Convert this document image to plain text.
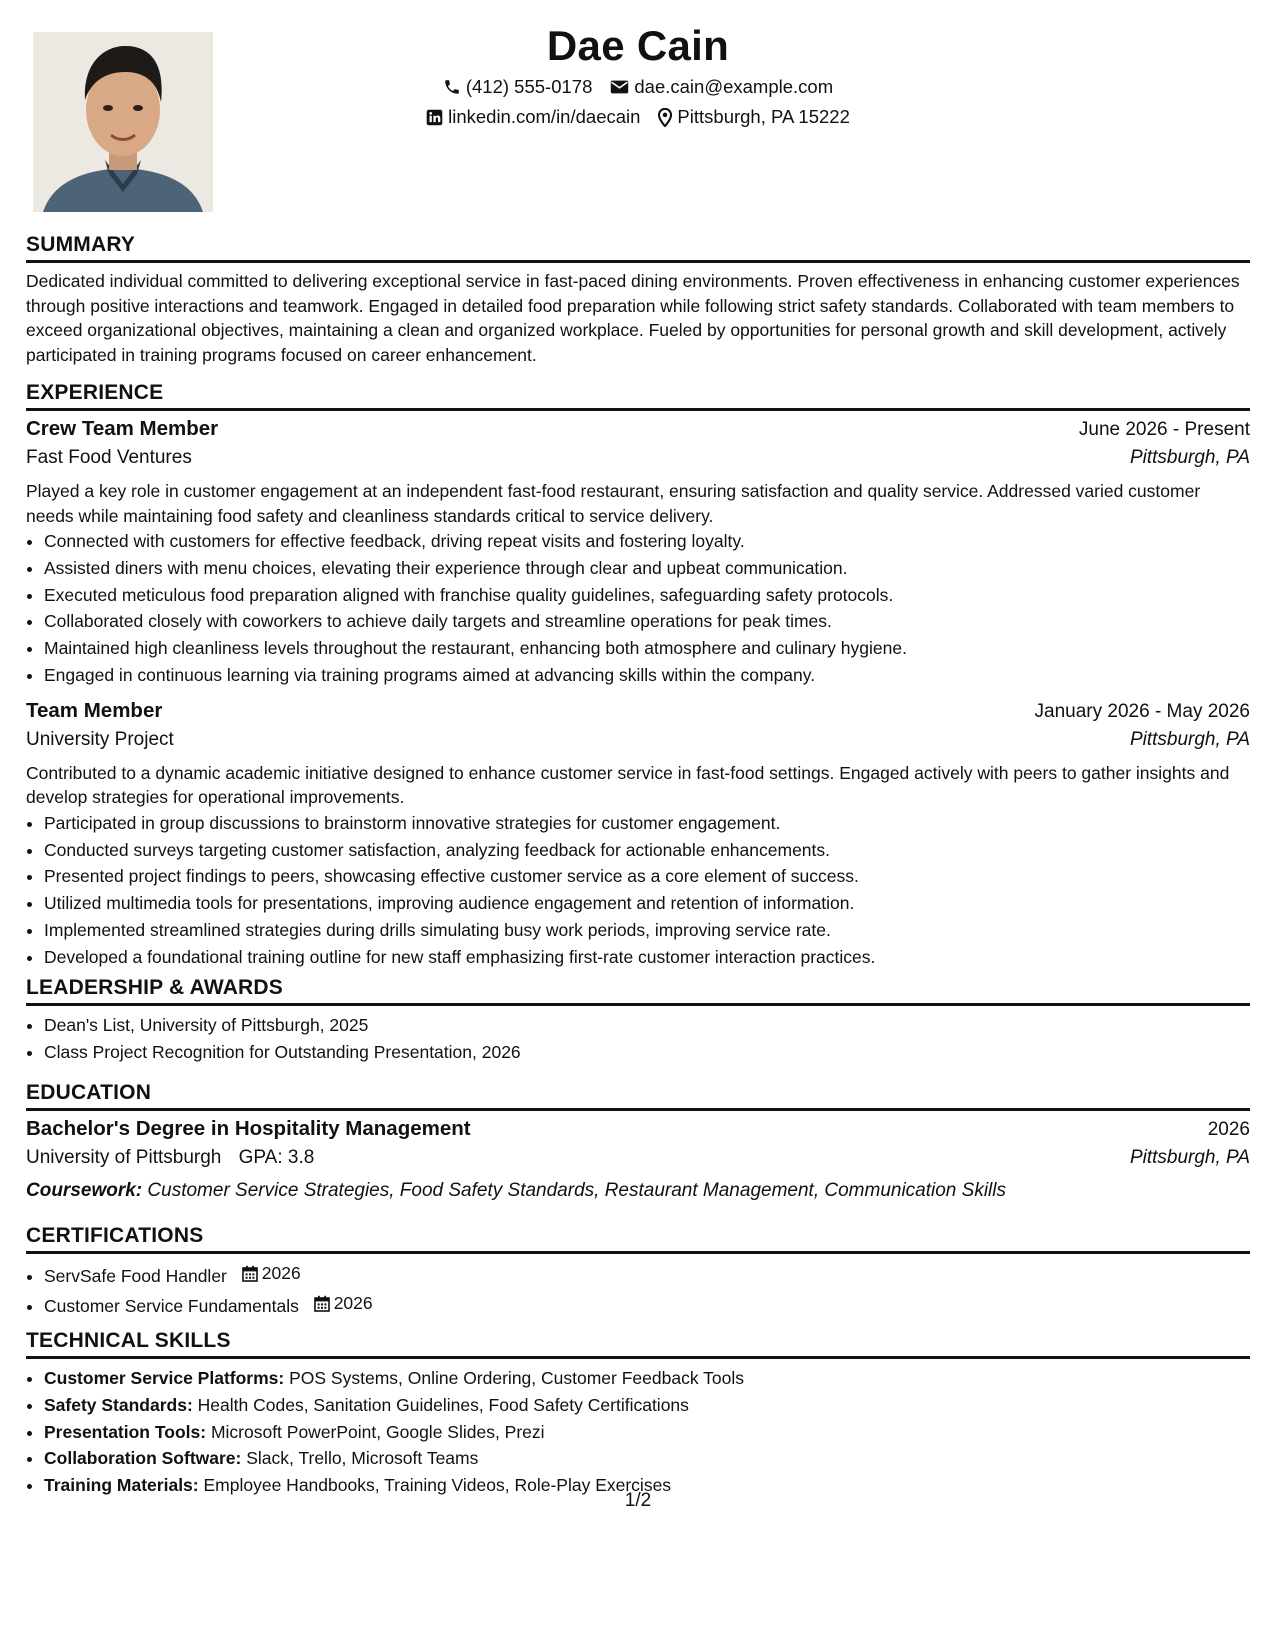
Dae Cain
(412) 555-0178 dae.cain@example.com
linkedin.com/in/daecain Pittsburgh, PA 15222
SUMMARY

Dedicated individual committed to delivering exceptional service in fast-paced dining environments. Proven effectiveness in enhancing customer experiences through positive interactions and teamwork. Engaged in detailed food preparation while following strict safety standards. Collaborated with team members to exceed organizational objectives, maintaining a clean and organized workplace. Fueled by opportunities for personal growth and skill development, actively participated in training programs focused on career enhancement.

EXPERIENCE
Crew Team Member	June 2026 - Present
Fast Food Ventures	Pittsburgh, PA

Played a key role in customer engagement at an independent fast-food restaurant, ensuring satisfaction and quality service. Addressed varied customer needs while maintaining food safety and cleanliness standards critical to service delivery.

• Connected with customers for effective feedback, driving repeat visits and fostering loyalty.
• Assisted diners with menu choices, elevating their experience through clear and upbeat communication.
• Executed meticulous food preparation aligned with franchise quality guidelines, safeguarding safety protocols.
• Collaborated closely with coworkers to achieve daily targets and streamline operations for peak times.
• Maintained high cleanliness levels throughout the restaurant, enhancing both atmosphere and culinary hygiene.
• Engaged in continuous learning via training programs aimed at advancing skills within the company.
Team Member	January 2026 - May 2026
University Project	Pittsburgh, PA

Contributed to a dynamic academic initiative designed to enhance customer service in fast-food settings. Engaged actively with peers to gather insights and develop strategies for operational improvements.

• Participated in group discussions to brainstorm innovative strategies for customer engagement.
• Conducted surveys targeting customer satisfaction, analyzing feedback for actionable enhancements.
• Presented project findings to peers, showcasing effective customer service as a core element of success.
• Utilized multimedia tools for presentations, improving audience engagement and retention of information.
• Implemented streamlined strategies during drills simulating busy work periods, improving service rate.
• Developed a foundational training outline for new staff emphasizing first-rate customer interaction practices.
LEADERSHIP & AWARDS
• Dean's List, University of Pittsburgh, 2025
• Class Project Recognition for Outstanding Presentation, 2026
EDUCATION
Bachelor's Degree in Hospitality Management	2026
University of Pittsburgh GPA: 3.8	Pittsburgh, PA
Coursework: Customer Service Strategies, Food Safety Standards, Restaurant Management, Communication Skills
CERTIFICATIONS
• ServSafe Food Handler 2026
• Customer Service Fundamentals 2026
TECHNICAL SKILLS
• Customer Service Platforms: POS Systems, Online Ordering, Customer Feedback Tools
• Safety Standards: Health Codes, Sanitation Guidelines, Food Safety Certifications
• Presentation Tools: Microsoft PowerPoint, Google Slides, Prezi
• Collaboration Software: Slack, Trello, Microsoft Teams
• Training Materials: Employee Handbooks, Training Videos, Role-Play Exercises
1/2
